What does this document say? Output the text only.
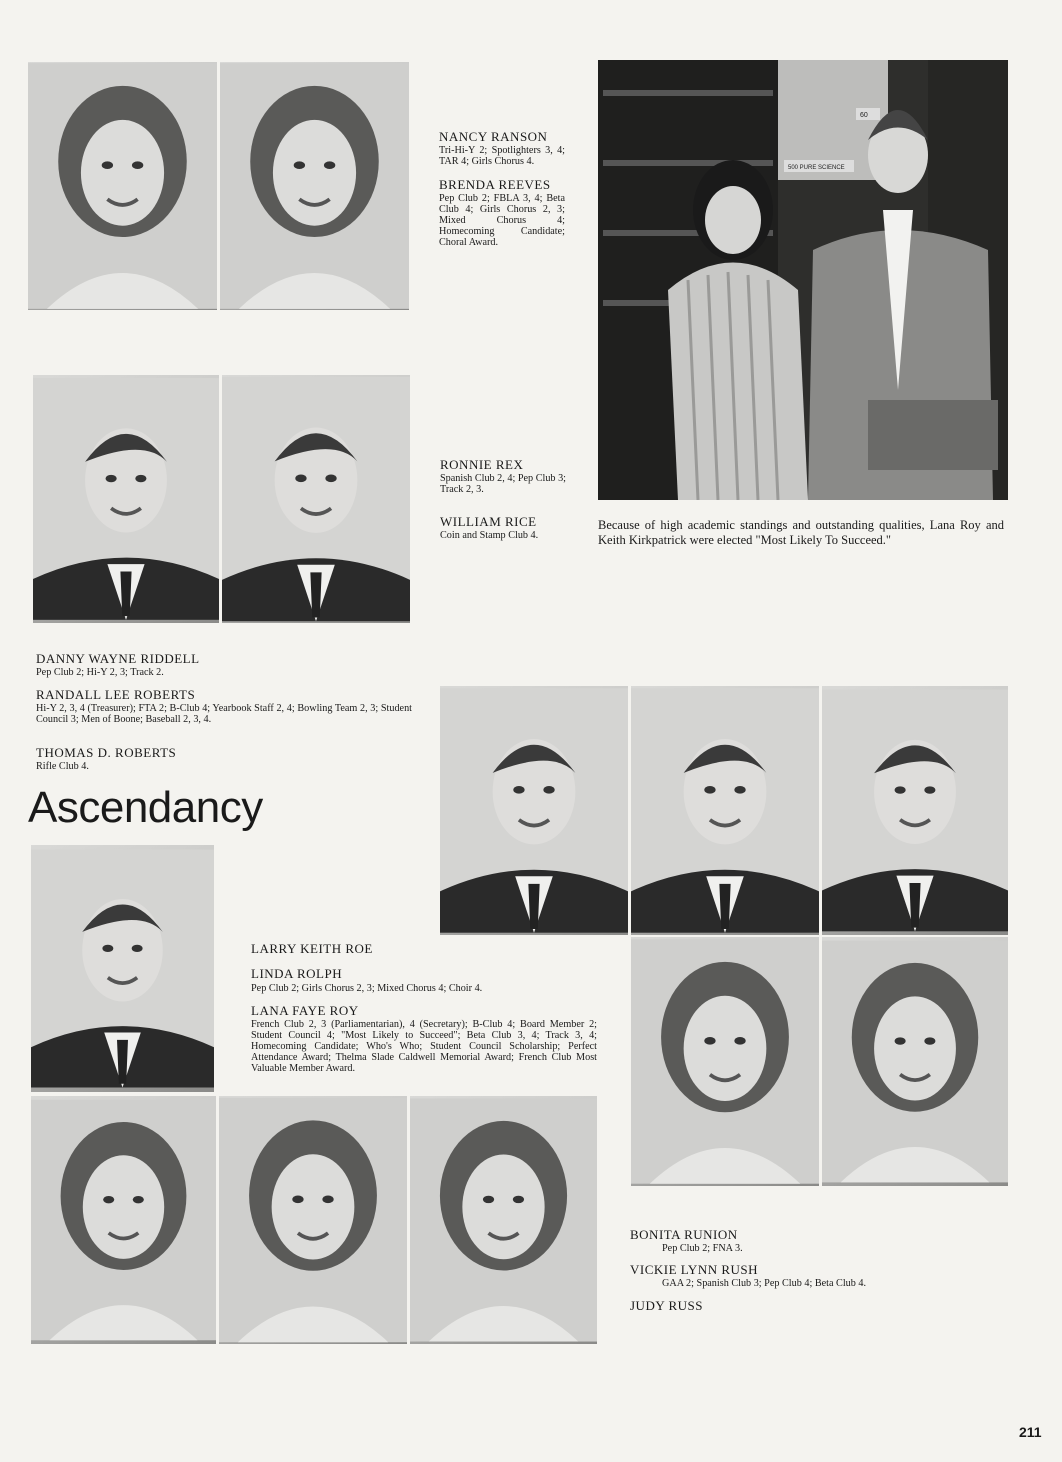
NANCY RANSON
Tri-Hi-Y 2; Spotlighters 3, 4; TAR 4; Girls Chorus 4.
BRENDA REEVES
Pep Club 2; FBLA 3, 4; Beta Club 4; Girls Chorus 2, 3; Mixed Chorus 4; Homecoming Candidate; Choral Award.
500 PURE SCIENCE
60
Because of high academic standings and outstanding qualities, Lana Roy and Keith Kirkpatrick were elected "Most Likely To Succeed."
RONNIE REX
Spanish Club 2, 4; Pep Club 3; Track 2, 3.
WILLIAM RICE
Coin and Stamp Club 4.
DANNY WAYNE RIDDELL
Pep Club 2; Hi-Y 2, 3; Track 2.
RANDALL LEE ROBERTS
Hi-Y 2, 3, 4 (Treasurer); FTA 2; B-Club 4; Yearbook Staff 2, 4; Bowling Team 2, 3; Student Council 3; Men of Boone; Baseball 2, 3, 4.
THOMAS D. ROBERTS
Rifle Club 4.
Ascendancy
LARRY KEITH ROE
LINDA ROLPH
Pep Club 2; Girls Chorus 2, 3; Mixed Chorus 4; Choir 4.
LANA FAYE ROY
French Club 2, 3 (Parliamentarian), 4 (Secretary); B-Club 4; Board Member 2; Student Council 4; "Most Likely to Succeed"; Beta Club 3, 4; Track 3, 4; Homecoming Candidate; Who's Who; Student Council Scholarship; Perfect Attendance Award; Thelma Slade Caldwell Memorial Award; French Club Most Valuable Member Award.
BONITA RUNION
Pep Club 2; FNA 3.
VICKIE LYNN RUSH
GAA 2; Spanish Club 3; Pep Club 4; Beta Club 4.
JUDY RUSS
211
